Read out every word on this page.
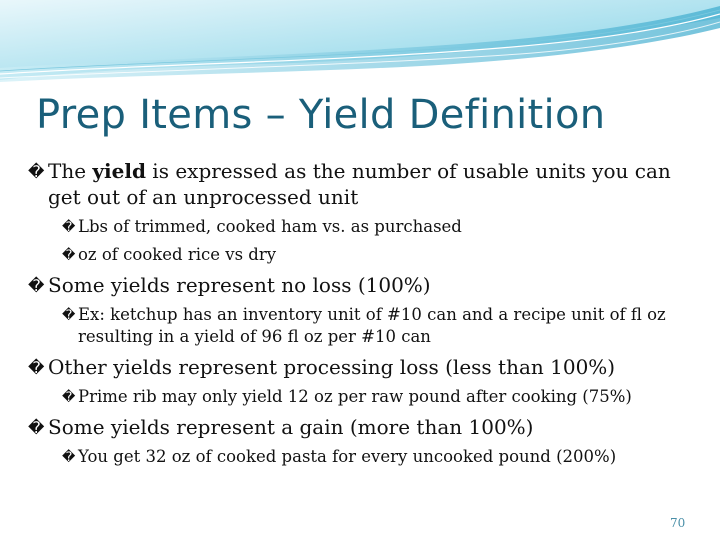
Prep Items – Yield Definition
� The yield is expressed as the number of usable units you can get out of an unprocessed unit
� Lbs of trimmed, cooked ham vs. as purchased
� oz of cooked rice vs dry
� Some yields represent no loss (100%)
� Ex: ketchup has an inventory unit of #10 can and a recipe unit of fl oz resulting in a yield of 96 fl oz per #10 can
� Other yields represent processing loss (less than 100%)
� Prime rib may only yield 12 oz per raw pound after cooking (75%)
� Some yields represent a gain (more than 100%)
� You get 32 oz of cooked pasta for every uncooked pound (200%)
70
